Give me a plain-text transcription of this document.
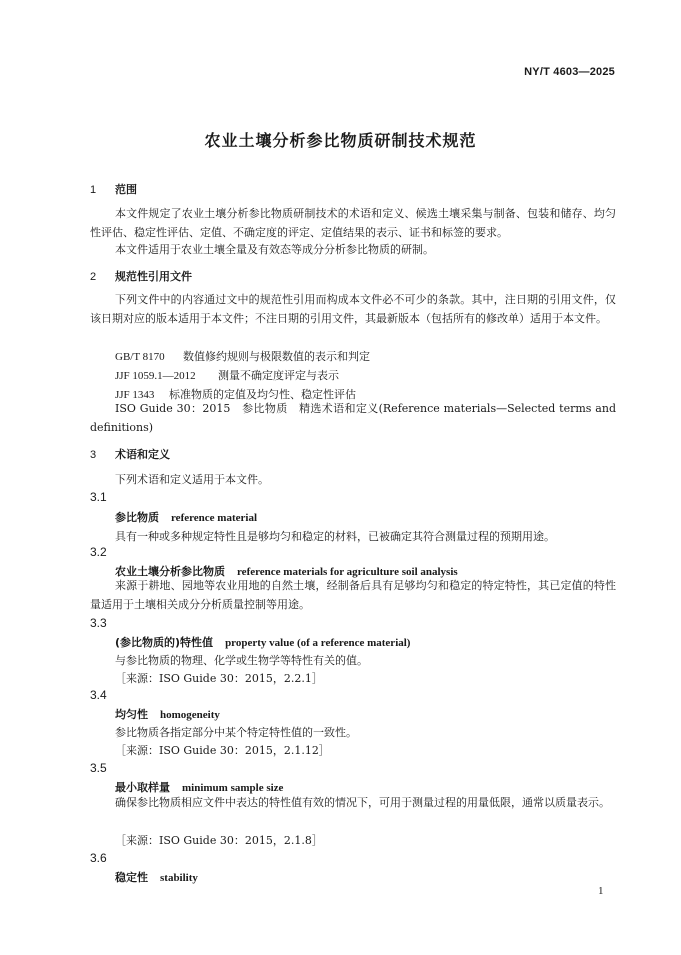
NY/T 4603—2025
农业土壤分析参比物质研制技术规范
1 范围
本文件规定了农业土壤分析参比物质研制技术的术语和定义、候选土壤采集与制备、包装和储存、均匀性评估、稳定性评估、定值、不确定度的评定、定值结果的表示、证书和标签的要求。
本文件适用于农业土壤全量及有效态等成分分析参比物质的研制。
2 规范性引用文件
下列文件中的内容通过文中的规范性引用而构成本文件必不可少的条款。其中，注日期的引用文件，仅该日期对应的版本适用于本文件；不注日期的引用文件，其最新版本（包括所有的修改单）适用于本文件。
GB/T 8170 数值修约规则与极限数值的表示和判定
JJF 1059.1—2012 测量不确定度评定与表示
JJF 1343 标准物质的定值及均匀性、稳定性评估
ISO Guide 30：2015　参比物质　精选术语和定义(Reference materials—Selected terms and definitions)
3 术语和定义
下列术语和定义适用于本文件。
3.1
参比物质 reference material
具有一种或多种规定特性且是够均匀和稳定的材料，已被确定其符合测量过程的预期用途。
3.2
农业土壤分析参比物质 reference materials for agriculture soil analysis
来源于耕地、园地等农业用地的自然土壤，经制备后具有足够均匀和稳定的特定特性，其已定值的特性量适用于土壤相关成分分析质量控制等用途。
3.3
(参比物质的)特性值 property value (of a reference material)
与参比物质的物理、化学或生物学等特性有关的值。
［来源：ISO Guide 30：2015，2.2.1］
3.4
均匀性 homogeneity
参比物质各指定部分中某个特定特性值的一致性。
［来源：ISO Guide 30：2015，2.1.12］
3.5
最小取样量 minimum sample size
确保参比物质相应文件中表达的特性值有效的情况下，可用于测量过程的用量低限，通常以质量表示。
［来源：ISO Guide 30：2015，2.1.8］
3.6
稳定性 stability
1
